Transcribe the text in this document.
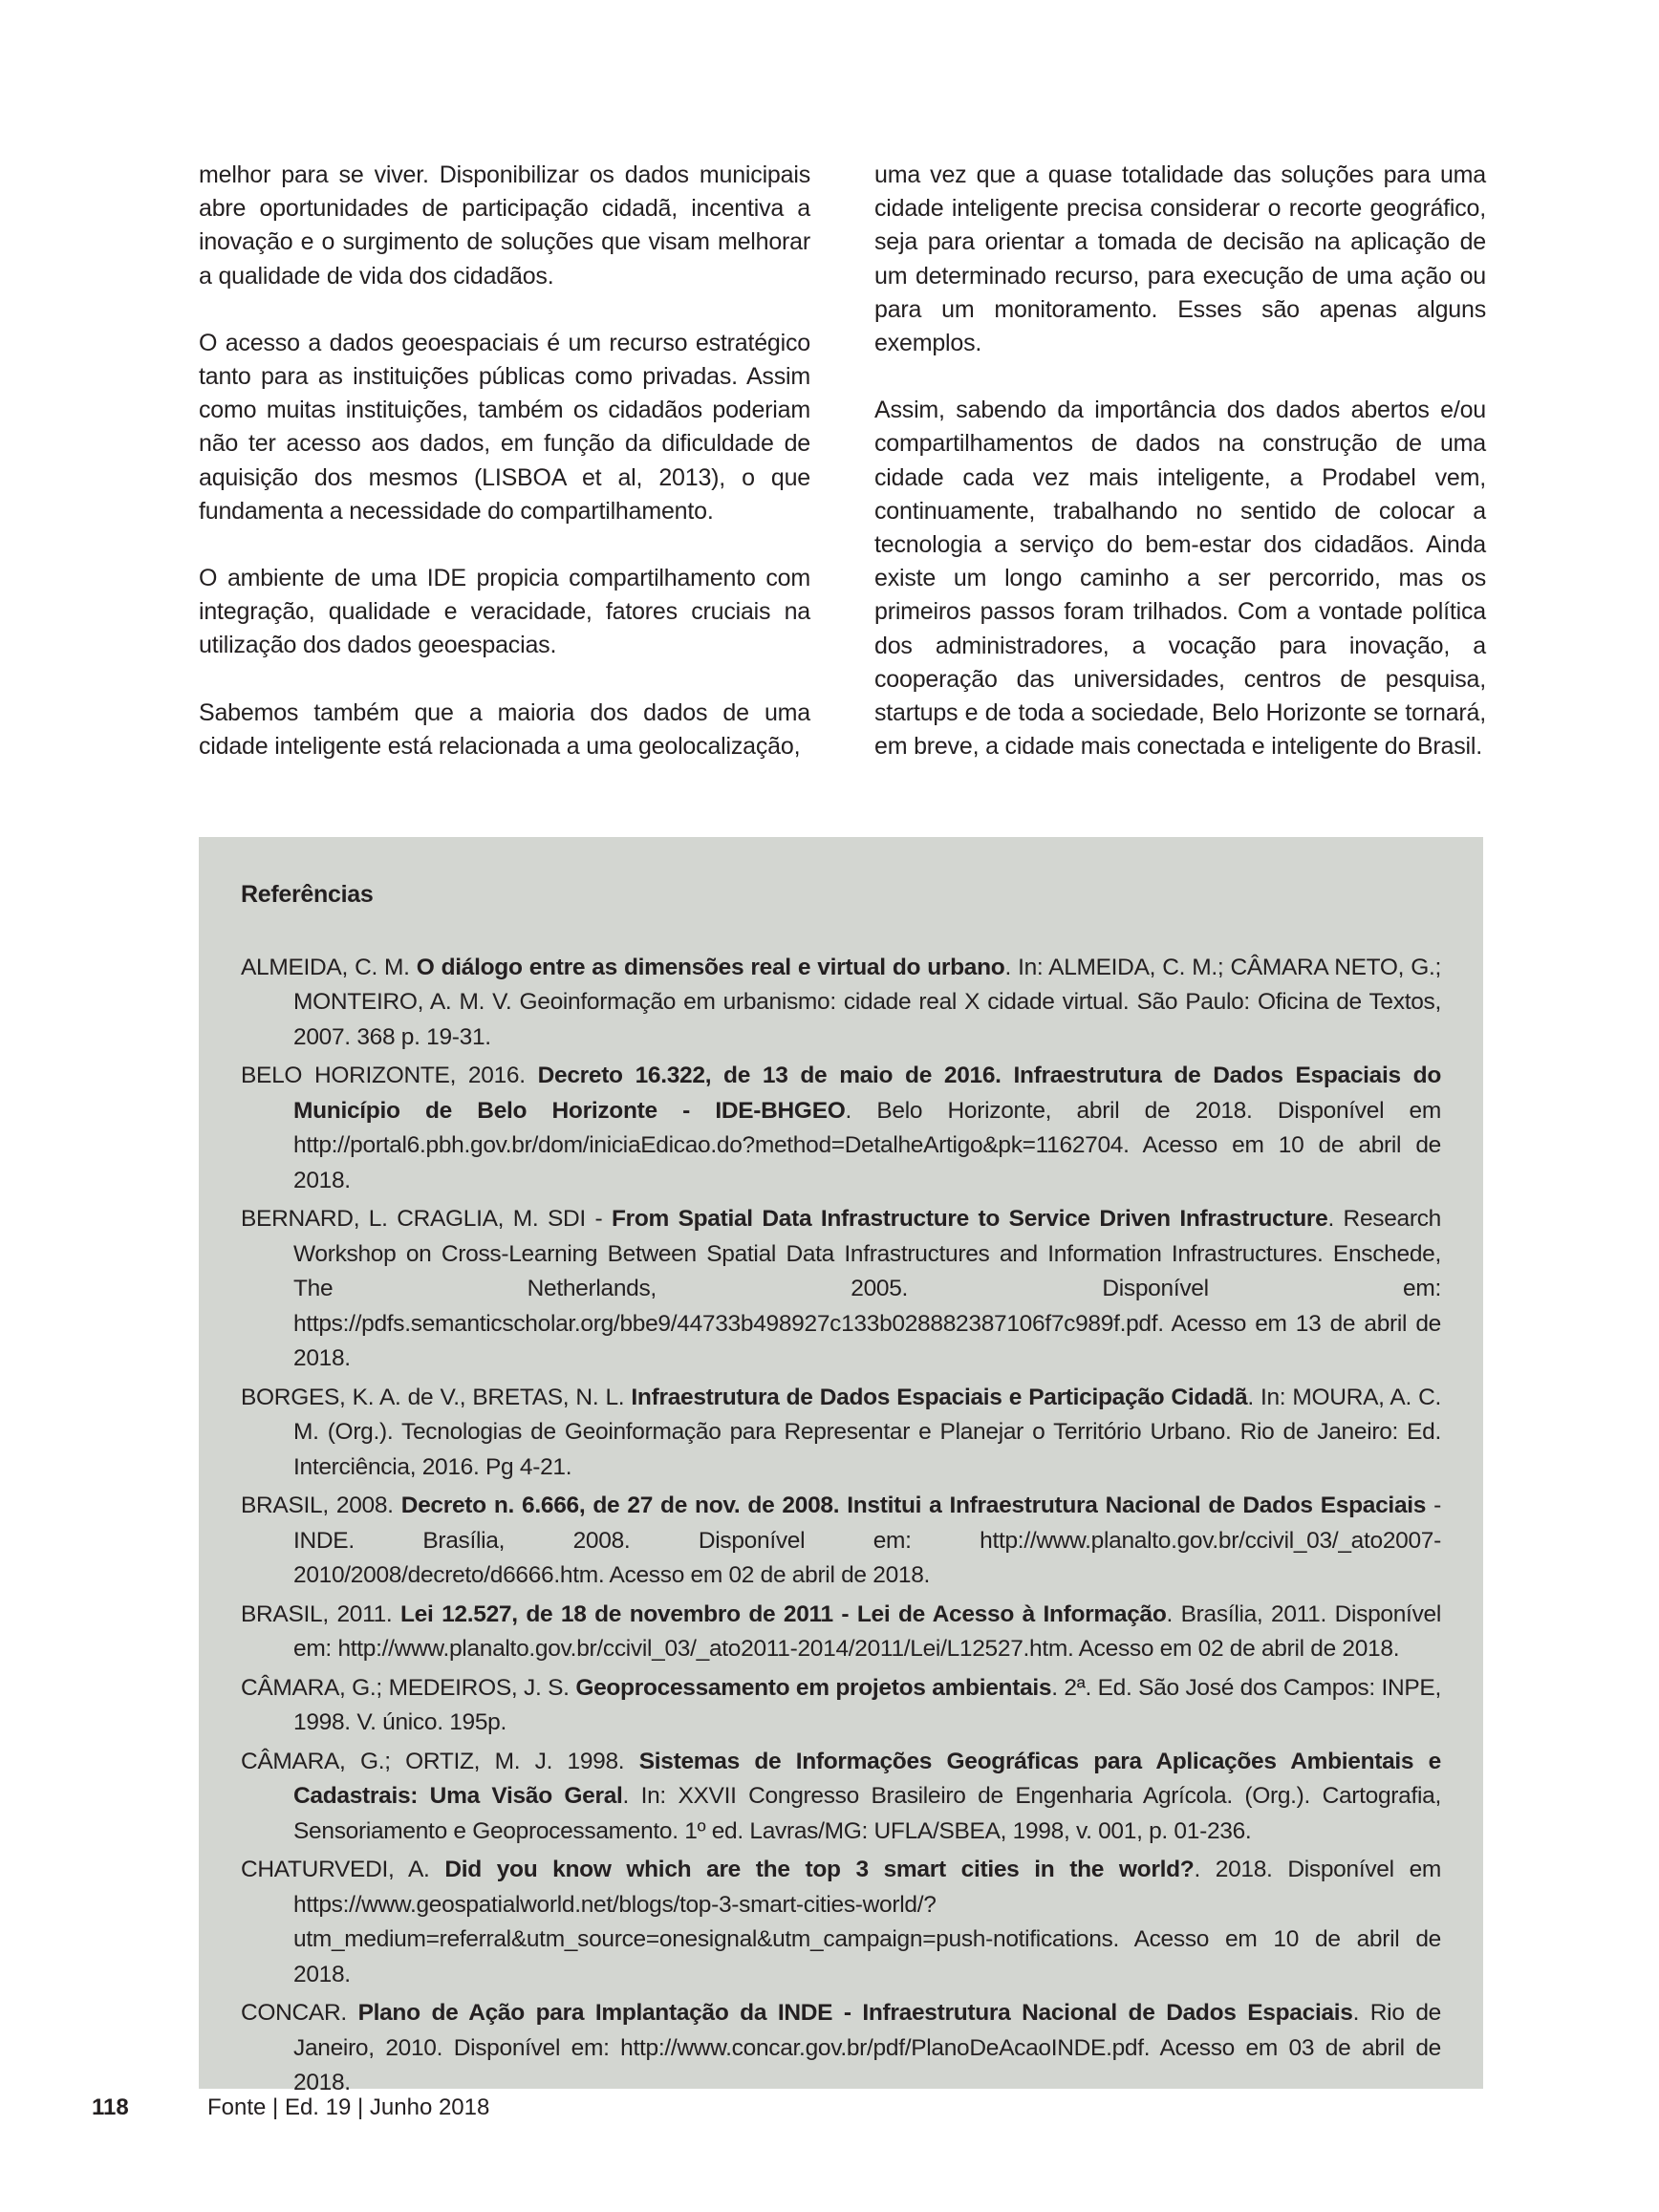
melhor para se viver. Disponibilizar os dados municipais abre oportunidades de participação cidadã, incentiva a inovação e o surgimento de soluções que visam melhorar a qualidade de vida dos cidadãos.

O acesso a dados geoespaciais é um recurso estratégico tanto para as instituições públicas como privadas. Assim como muitas instituições, também os cidadãos poderiam não ter acesso aos dados, em função da dificuldade de aquisição dos mesmos (LISBOA et al, 2013), o que fundamenta a necessidade do compartilhamento.

O ambiente de uma IDE propicia compartilhamento com integração, qualidade e veracidade, fatores cruciais na utilização dos dados geoespacias.

Sabemos também que a maioria dos dados de uma cidade inteligente está relacionada a uma geolocalização,

uma vez que a quase totalidade das soluções para uma cidade inteligente precisa considerar o recorte geográfico, seja para orientar a tomada de decisão na aplicação de um determinado recurso, para execução de uma ação ou para um monitoramento. Esses são apenas alguns exemplos.

Assim, sabendo da importância dos dados abertos e/ou compartilhamentos de dados na construção de uma cidade cada vez mais inteligente, a Prodabel vem, continuamente, trabalhando no sentido de colocar a tecnologia a serviço do bem-estar dos cidadãos. Ainda existe um longo caminho a ser percorrido, mas os primeiros passos foram trilhados. Com a vontade política dos administradores, a vocação para inovação, a cooperação das universidades, centros de pesquisa, startups e de toda a sociedade, Belo Horizonte se tornará, em breve, a cidade mais conectada e inteligente do Brasil.

Referências

ALMEIDA, C. M. O diálogo entre as dimensões real e virtual do urbano. In: ALMEIDA, C. M.; CÂMARA NETO, G.; MONTEIRO, A. M. V. Geoinformação em urbanismo: cidade real X cidade virtual. São Paulo: Oficina de Textos, 2007. 368 p. 19-31.

BELO HORIZONTE, 2016. Decreto 16.322, de 13 de maio de 2016. Infraestrutura de Dados Espaciais do Município de Belo Horizonte - IDE-BHGEO. Belo Horizonte, abril de 2018. Disponível em http://portal6.pbh.gov.br/dom/iniciaEdicao.do?method=DetalheArtigo&pk=1162704. Acesso em 10 de abril de 2018.

BERNARD, L. CRAGLIA, M. SDI - From Spatial Data Infrastructure to Service Driven Infrastructure. Research Workshop on Cross-Learning Between Spatial Data Infrastructures and Information Infrastructures. Enschede, The Netherlands, 2005. Disponível em: https://pdfs.semanticscholar.org/bbe9/44733b498927c133b028882387106f7c989f.pdf. Acesso em 13 de abril de 2018.

BORGES, K. A. de V., BRETAS, N. L. Infraestrutura de Dados Espaciais e Participação Cidadã. In: MOURA, A. C. M. (Org.). Tecnologias de Geoinformação para Representar e Planejar o Território Urbano. Rio de Janeiro: Ed. Interciência, 2016. Pg 4-21.

BRASIL, 2008. Decreto n. 6.666, de 27 de nov. de 2008. Institui a Infraestrutura Nacional de Dados Espaciais - INDE. Brasília, 2008. Disponível em: http://www.planalto.gov.br/ccivil_03/_ato2007-2010/2008/decreto/d6666.htm. Acesso em 02 de abril de 2018.

BRASIL, 2011. Lei 12.527, de 18 de novembro de 2011 - Lei de Acesso à Informação. Brasília, 2011. Disponível em: http://www.planalto.gov.br/ccivil_03/_ato2011-2014/2011/Lei/L12527.htm. Acesso em 02 de abril de 2018.

CÂMARA, G.; MEDEIROS, J. S. Geoprocessamento em projetos ambientais. 2ª. Ed. São José dos Campos: INPE, 1998. V. único. 195p.

CÂMARA, G.; ORTIZ, M. J. 1998. Sistemas de Informações Geográficas para Aplicações Ambientais e Cadastrais: Uma Visão Geral. In: XXVII Congresso Brasileiro de Engenharia Agrícola. (Org.). Cartografia, Sensoriamento e Geoprocessamento. 1º ed. Lavras/MG: UFLA/SBEA, 1998, v. 001, p. 01-236.

CHATURVEDI, A. Did you know which are the top 3 smart cities in the world?. 2018. Disponível em https://www.geospatialworld.net/blogs/top-3-smart-cities-world/?utm_medium=referral&utm_source=onesignal&utm_campaign=push-notifications. Acesso em 10 de abril de 2018.

CONCAR. Plano de Ação para Implantação da INDE - Infraestrutura Nacional de Dados Espaciais. Rio de Janeiro, 2010. Disponível em: http://www.concar.gov.br/pdf/PlanoDeAcaoINDE.pdf. Acesso em 03 de abril de 2018.

118	Fonte | Ed. 19 | Junho 2018
